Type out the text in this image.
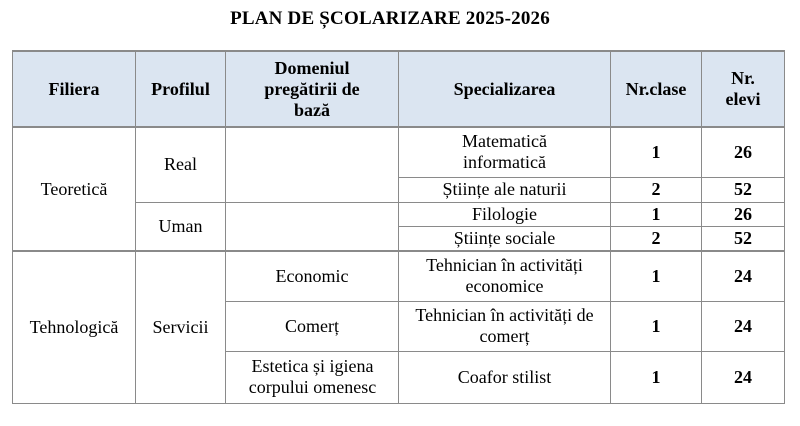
PLAN DE ȘCOLARIZARE 2025-2026
Filiera	Profilul	Domeniul pregătirii de bază	Specializarea	Nr.clase	Nr. elevi
Teoretică	Real		Matematică informatică	1	26
			Științe ale naturii	2	52
	Uman		Filologie	1	26
			Științe sociale	2	52
Tehnologică	Servicii	Economic	Tehnician în activități economice	1	24
		Comerț	Tehnician în activități de comerț	1	24
		Estetica și igiena corpului omenesc	Coafor stilist	1	24
